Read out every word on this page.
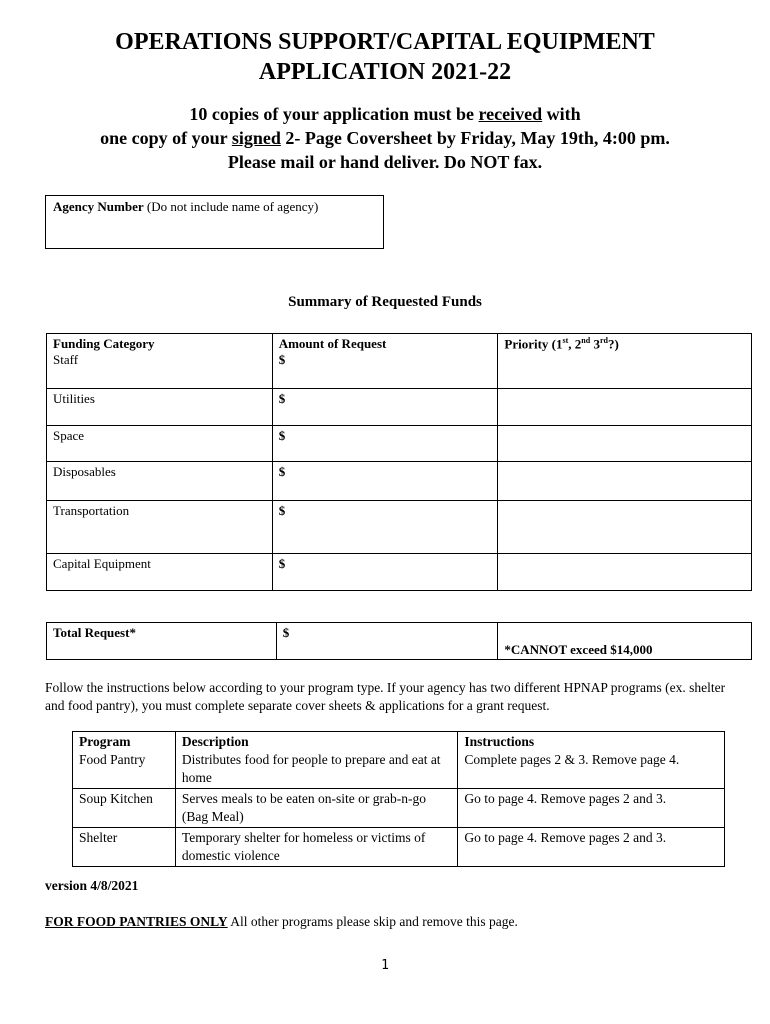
OPERATIONS SUPPORT/CAPITAL EQUIPMENT
APPLICATION 2021-22
10 copies of your application must be received with
one copy of your signed 2- Page Coversheet by Friday, May 19th, 4:00 pm.
Please mail or hand deliver. Do NOT fax.
Agency Number (Do not include name of agency)
Summary of Requested Funds
Funding Category	Amount of Request	Priority (1st, 2nd 3rd?)
Staff	$	
Utilities	$	
Space	$	
Disposables	$	
Transportation	$	
Capital Equipment	$	
Total Request*	$	*CANNOT exceed $14,000
Follow the instructions below according to your program type. If your agency has two different HPNAP programs (ex. shelter and food pantry), you must complete separate cover sheets & applications for a grant request.
Program	Description	Instructions
Food Pantry	Distributes food for people to prepare and eat at home	Complete pages 2 & 3. Remove page 4.
Soup Kitchen	Serves meals to be eaten on-site or grab-n-go (Bag Meal)	Go to page 4. Remove pages 2 and 3.
Shelter	Temporary shelter for homeless or victims of domestic violence	Go to page 4. Remove pages 2 and 3.
version 4/8/2021
FOR FOOD PANTRIES ONLY All other programs please skip and remove this page.
1
